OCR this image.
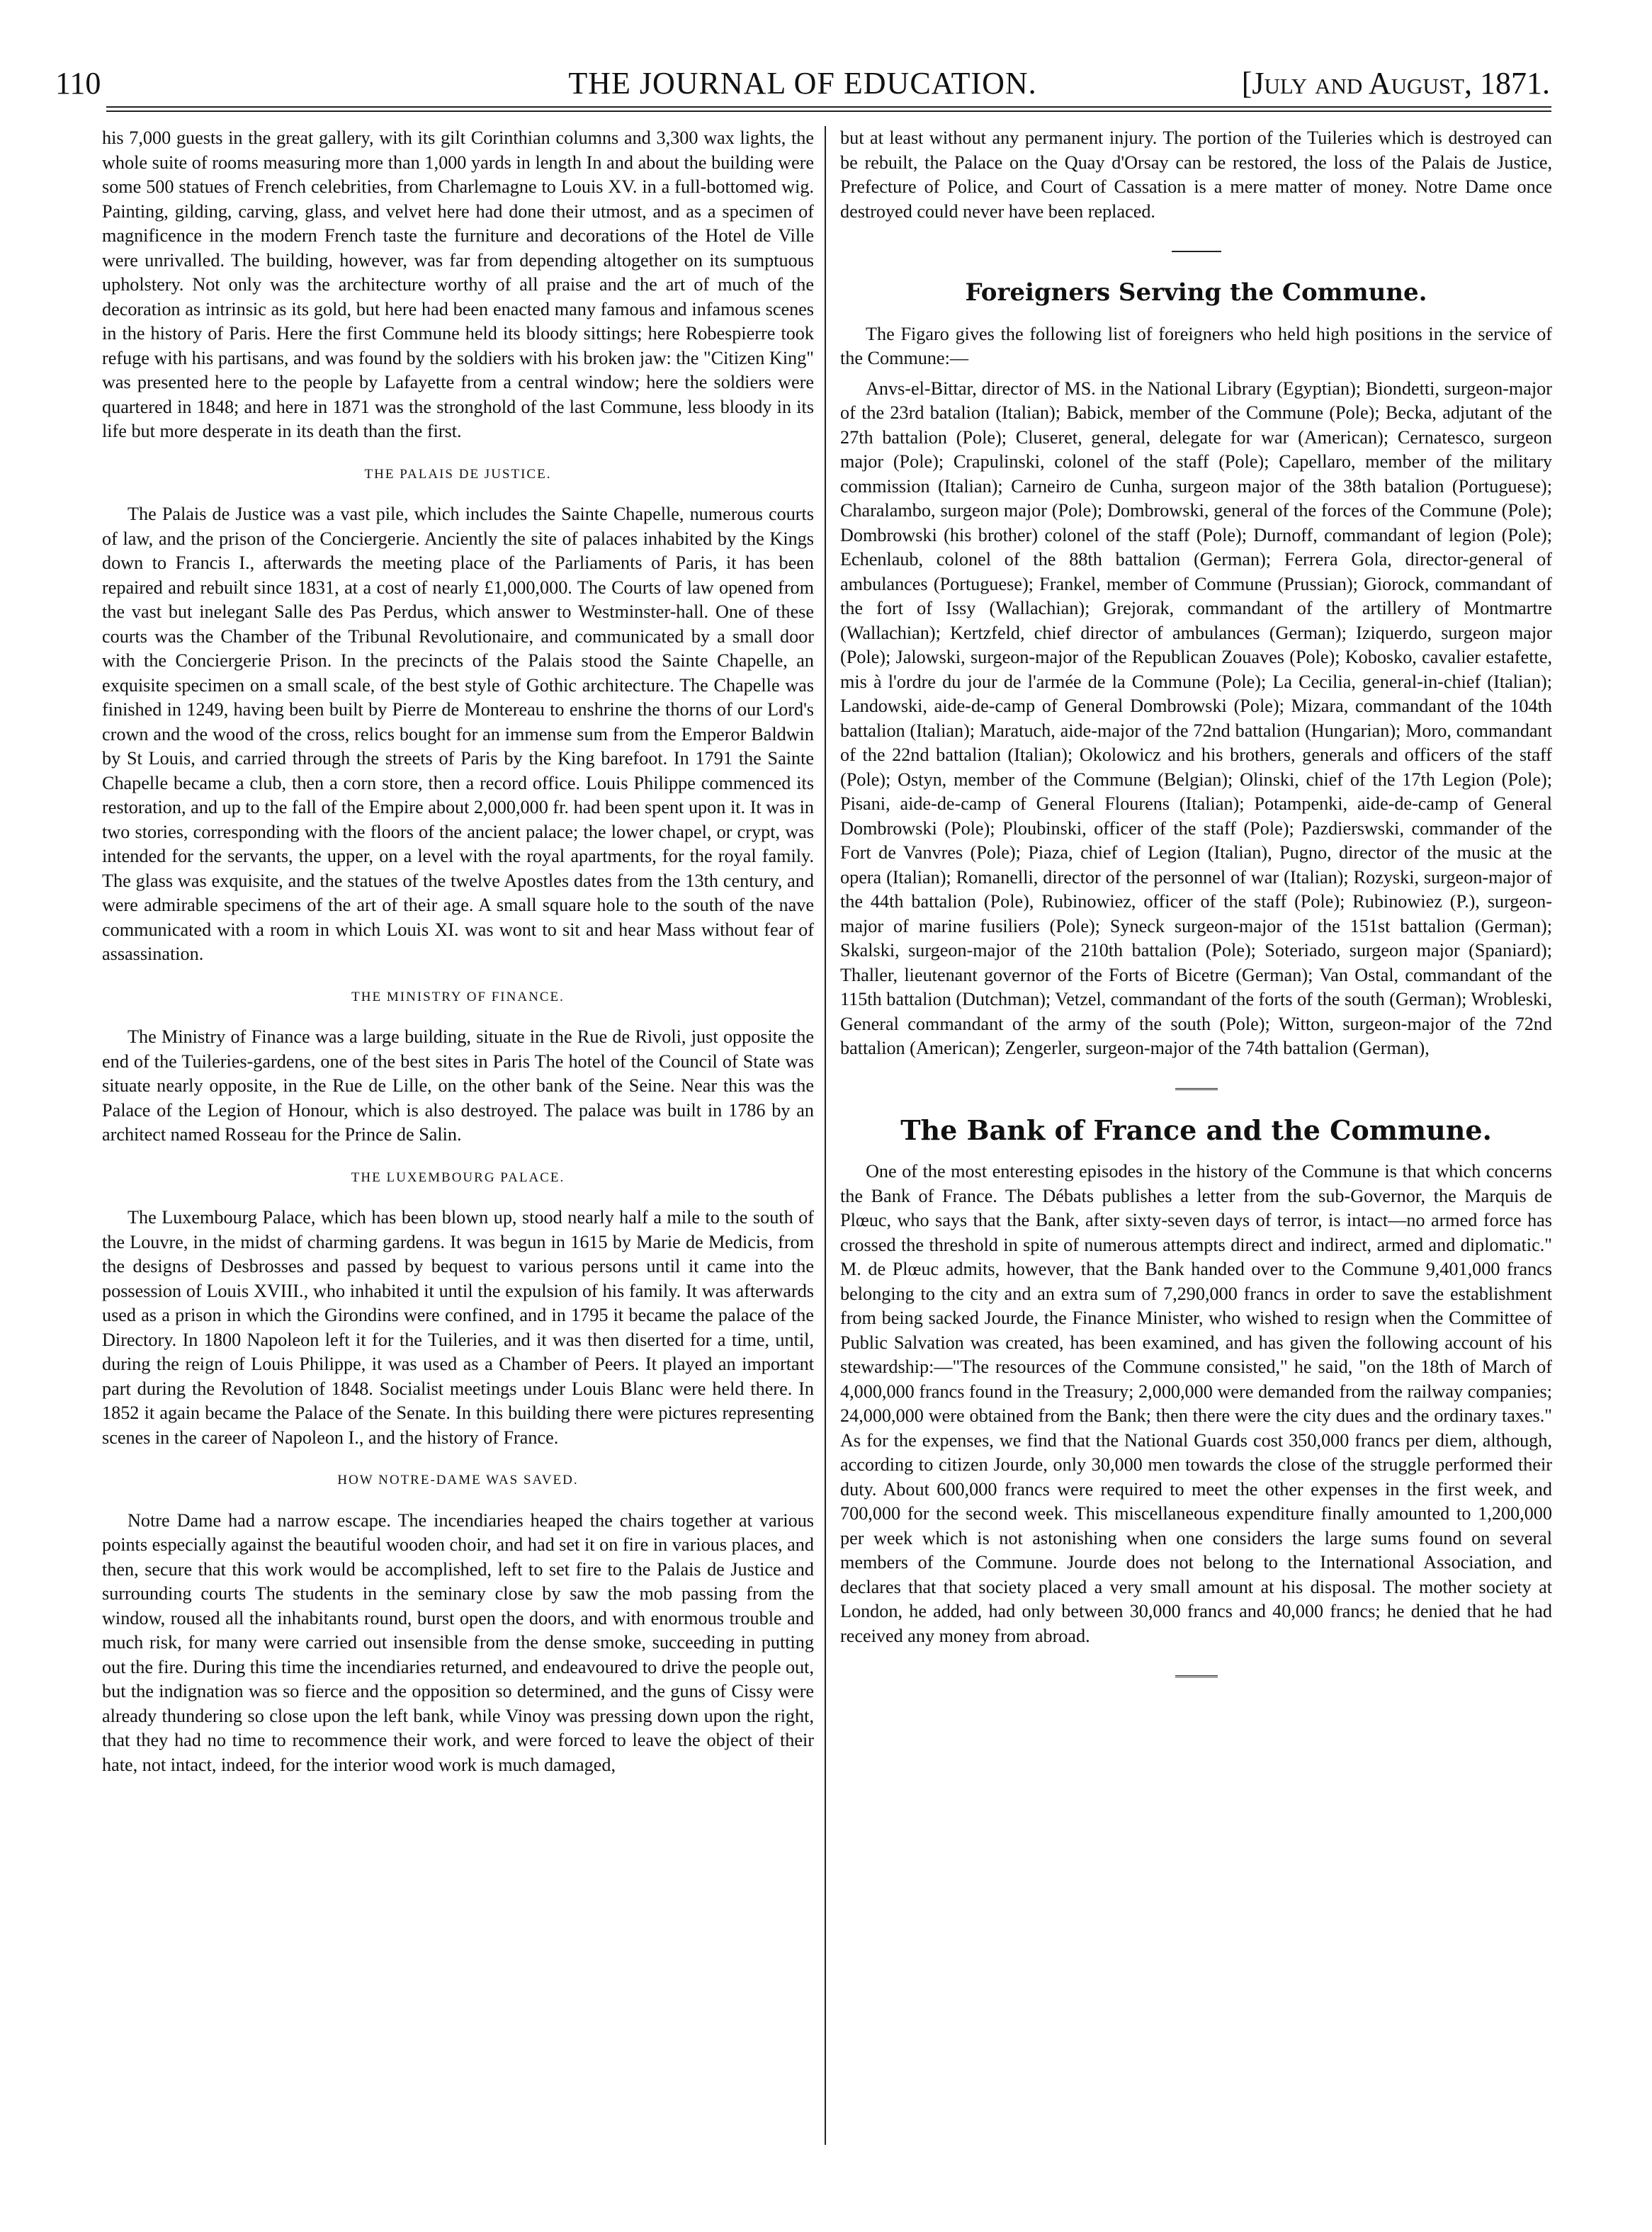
110	THE JOURNAL OF EDUCATION.	[July and August, 1871.

his 7,000 guests in the great gallery, with its gilt Corinthian columns and 3,300 wax lights, the whole suite of rooms measuring more than 1,000 yards in length In and about the building were some 500 statues of French celebrities, from Charlemagne to Louis XV. in a full-bottomed wig. Painting, gilding, carving, glass, and velvet here had done their utmost, and as a specimen of magnificence in the modern French taste the furniture and decorations of the Hotel de Ville were unrivalled. The building, however, was far from depending altogether on its sumptuous upholstery. Not only was the architecture worthy of all praise and the art of much of the decoration as intrinsic as its gold, but here had been enacted many famous and infamous scenes in the history of Paris. Here the first Commune held its bloody sittings; here Robespierre took refuge with his partisans, and was found by the soldiers with his broken jaw: the "Citizen King" was presented here to the people by Lafayette from a central window; here the soldiers were quartered in 1848; and here in 1871 was the stronghold of the last Commune, less bloody in its life but more desperate in its death than the first.

THE PALAIS DE JUSTICE.

The Palais de Justice was a vast pile, which includes the Sainte Chapelle, numerous courts of law, and the prison of the Conciergerie. Anciently the site of palaces inhabited by the Kings down to Francis I., afterwards the meeting place of the Parliaments of Paris, it has been repaired and rebuilt since 1831, at a cost of nearly £1,000,000. The Courts of law opened from the vast but inelegant Salle des Pas Perdus, which answer to Westminster-hall. One of these courts was the Chamber of the Tribunal Revolutionaire, and communicated by a small door with the Conciergerie Prison. In the precincts of the Palais stood the Sainte Chapelle, an exquisite specimen on a small scale, of the best style of Gothic architecture. The Chapelle was finished in 1249, having been built by Pierre de Montereau to enshrine the thorns of our Lord's crown and the wood of the cross, relics bought for an immense sum from the Emperor Baldwin by St Louis, and carried through the streets of Paris by the King barefoot. In 1791 the Sainte Chapelle became a club, then a corn store, then a record office. Louis Philippe commenced its restoration, and up to the fall of the Empire about 2,000,000 fr. had been spent upon it. It was in two stories, corresponding with the floors of the ancient palace; the lower chapel, or crypt, was intended for the servants, the upper, on a level with the royal apartments, for the royal family. The glass was exquisite, and the statues of the twelve Apostles dates from the 13th century, and were admirable specimens of the art of their age. A small square hole to the south of the nave communicated with a room in which Louis XI. was wont to sit and hear Mass without fear of assassination.

THE MINISTRY OF FINANCE.

The Ministry of Finance was a large building, situate in the Rue de Rivoli, just opposite the end of the Tuileries-gardens, one of the best sites in Paris The hotel of the Council of State was situate nearly opposite, in the Rue de Lille, on the other bank of the Seine. Near this was the Palace of the Legion of Honour, which is also destroyed. The palace was built in 1786 by an architect named Rosseau for the Prince de Salin.

THE LUXEMBOURG PALACE.

The Luxembourg Palace, which has been blown up, stood nearly half a mile to the south of the Louvre, in the midst of charming gardens. It was begun in 1615 by Marie de Medicis, from the designs of Desbrosses and passed by bequest to various persons until it came into the possession of Louis XVIII., who inhabited it until the expulsion of his family. It was afterwards used as a prison in which the Girondins were confined, and in 1795 it became the palace of the Directory. In 1800 Napoleon left it for the Tuileries, and it was then diserted for a time, until, during the reign of Louis Philippe, it was used as a Chamber of Peers. It played an important part during the Revolution of 1848. Socialist meetings under Louis Blanc were held there. In 1852 it again became the Palace of the Senate. In this building there were pictures representing scenes in the career of Napoleon I., and the history of France.

HOW NOTRE-DAME WAS SAVED.

Notre Dame had a narrow escape. The incendiaries heaped the chairs together at various points especially against the beautiful wooden choir, and had set it on fire in various places, and then, secure that this work would be accomplished, left to set fire to the Palais de Justice and surrounding courts The students in the seminary close by saw the mob passing from the window, roused all the inhabitants round, burst open the doors, and with enormous trouble and much risk, for many were carried out insensible from the dense smoke, succeeding in putting out the fire. During this time the incendiaries returned, and endeavoured to drive the people out, but the indignation was so fierce and the opposition so determined, and the guns of Cissy were already thundering so close upon the left bank, while Vinoy was pressing down upon the right, that they had no time to recommence their work, and were forced to leave the object of their hate, not intact, indeed, for the interior wood work is much damaged,

but at least without any permanent injury. The portion of the Tuileries which is destroyed can be rebuilt, the Palace on the Quay d'Orsay can be restored, the loss of the Palais de Justice, Prefecture of Police, and Court of Cassation is a mere matter of money. Notre Dame once destroyed could never have been replaced.

Foreigners Serving the Commune.

The Figaro gives the following list of foreigners who held high positions in the service of the Commune:—

Anvs-el-Bittar, director of MS. in the National Library (Egyptian); Biondetti, surgeon-major of the 23rd batalion (Italian); Babick, member of the Commune (Pole); Becka, adjutant of the 27th battalion (Pole); Cluseret, general, delegate for war (American); Cernatesco, surgeon major (Pole); Crapulinski, colonel of the staff (Pole); Capellaro, member of the military commission (Italian); Carneiro de Cunha, surgeon major of the 38th batalion (Portuguese); Charalambo, surgeon major (Pole); Dombrowski, general of the forces of the Commune (Pole); Dombrowski (his brother) colonel of the staff (Pole); Durnoff, commandant of legion (Pole); Echenlaub, colonel of the 88th battalion (German); Ferrera Gola, director-general of ambulances (Portuguese); Frankel, member of Commune (Prussian); Giorock, commandant of the fort of Issy (Wallachian); Grejorak, commandant of the artillery of Montmartre (Wallachian); Kertzfeld, chief director of ambulances (German); Iziquerdo, surgeon major (Pole); Jalowski, surgeon-major of the Republican Zouaves (Pole); Kobosko, cavalier estafette, mis à l'ordre du jour de l'armée de la Commune (Pole); La Cecilia, general-in-chief (Italian); Landowski, aide-de-camp of General Dombrowski (Pole); Mizara, commandant of the 104th battalion (Italian); Maratuch, aide-major of the 72nd battalion (Hungarian); Moro, commandant of the 22nd battalion (Italian); Okolowicz and his brothers, generals and officers of the staff (Pole); Ostyn, member of the Commune (Belgian); Olinski, chief of the 17th Legion (Pole); Pisani, aide-de-camp of General Flourens (Italian); Potampenki, aide-de-camp of General Dombrowski (Pole); Ploubinski, officer of the staff (Pole); Pazdierswski, commander of the Fort de Vanvres (Pole); Piaza, chief of Legion (Italian), Pugno, director of the music at the opera (Italian); Romanelli, director of the personnel of war (Italian); Rozyski, surgeon-major of the 44th battalion (Pole), Rubinowiez, officer of the staff (Pole); Rubinowiez (P.), surgeon-major of marine fusiliers (Pole); Syneck surgeon-major of the 151st battalion (German); Skalski, surgeon-major of the 210th battalion (Pole); Soteriado, surgeon major (Spaniard); Thaller, lieutenant governor of the Forts of Bicetre (German); Van Ostal, commandant of the 115th battalion (Dutchman); Vetzel, commandant of the forts of the south (German); Wrobleski, General commandant of the army of the south (Pole); Witton, surgeon-major of the 72nd battalion (American); Zengerler, surgeon-major of the 74th battalion (German),

The Bank of France and the Commune.

One of the most enteresting episodes in the history of the Commune is that which concerns the Bank of France. The Débats publishes a letter from the sub-Governor, the Marquis de Plœuc, who says that the Bank, after sixty-seven days of terror, is intact—no armed force has crossed the threshold in spite of numerous attempts direct and indirect, armed and diplomatic." M. de Plœuc admits, however, that the Bank handed over to the Commune 9,401,000 francs belonging to the city and an extra sum of 7,290,000 francs in order to save the establishment from being sacked Jourde, the Finance Minister, who wished to resign when the Committee of Public Salvation was created, has been examined, and has given the following account of his stewardship:—"The resources of the Commune consisted," he said, "on the 18th of March of 4,000,000 francs found in the Treasury; 2,000,000 were demanded from the railway companies; 24,000,000 were obtained from the Bank; then there were the city dues and the ordinary taxes." As for the expenses, we find that the National Guards cost 350,000 francs per diem, although, according to citizen Jourde, only 30,000 men towards the close of the struggle performed their duty. About 600,000 francs were required to meet the other expenses in the first week, and 700,000 for the second week. This miscellaneous expenditure finally amounted to 1,200,000 per week which is not astonishing when one considers the large sums found on several members of the Commune. Jourde does not belong to the International Association, and declares that that society placed a very small amount at his disposal. The mother society at London, he added, had only between 30,000 francs and 40,000 francs; he denied that he had received any money from abroad.
